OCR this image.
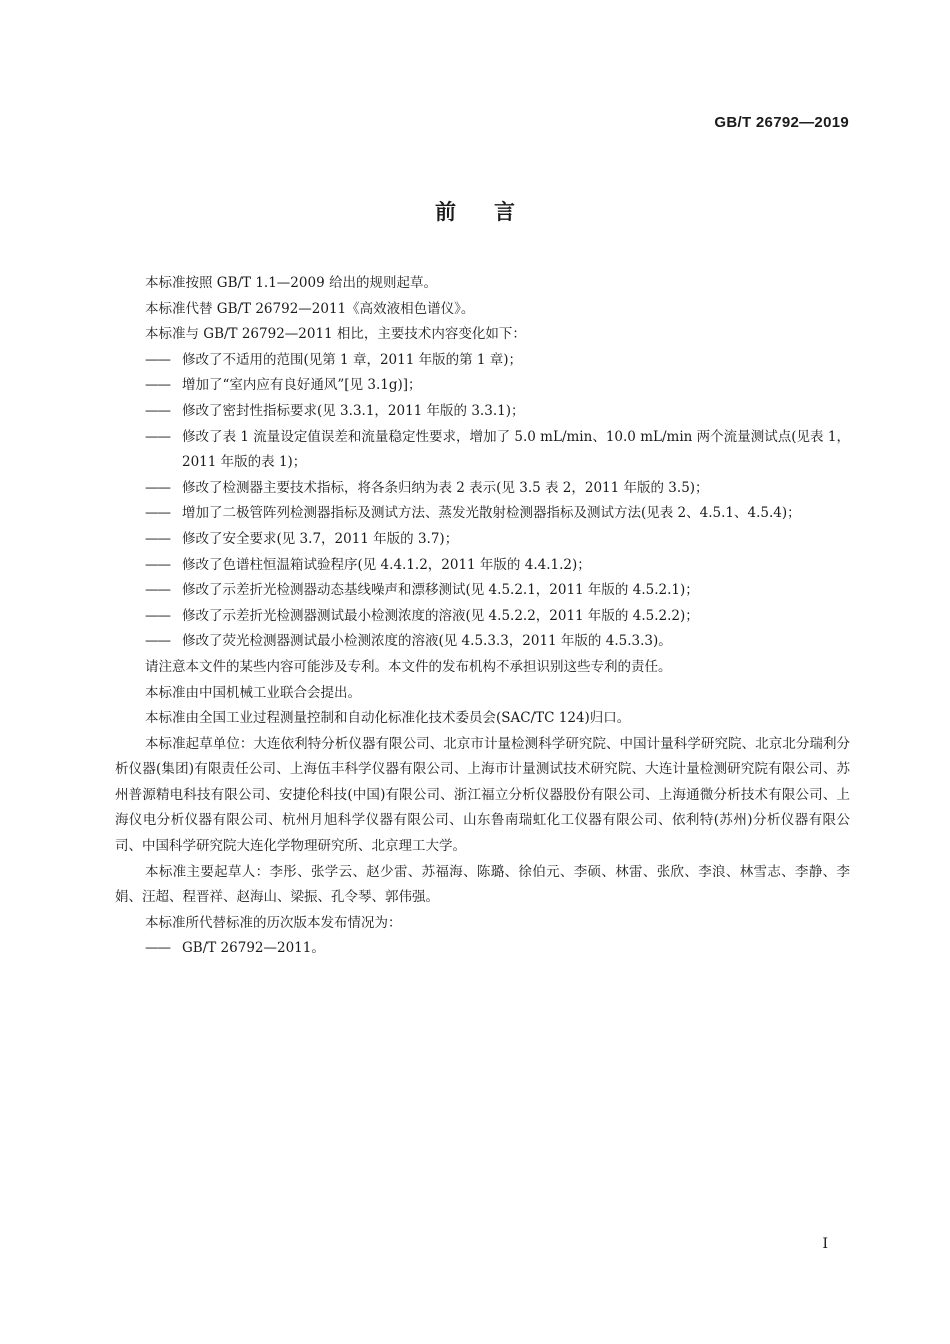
GB/T 26792—2019
前 言

本标准按照 GB/T 1.1—2009 给出的规则起草。

本标准代替 GB/T 26792—2011《高效液相色谱仪》。

本标准与 GB/T 26792—2011 相比，主要技术内容变化如下：

——修改了不适用的范围(见第 1 章，2011 年版的第 1 章)；
——增加了“室内应有良好通风”[见 3.1g)]；
——修改了密封性指标要求(见 3.3.1，2011 年版的 3.3.1)；
——修改了表 1 流量设定值误差和流量稳定性要求，增加了 5.0 mL/min、10.0 mL/min 两个流量测试点(见表 1，2011 年版的表 1)；
——修改了检测器主要技术指标，将各条归纳为表 2 表示(见 3.5 表 2，2011 年版的 3.5)；
——增加了二极管阵列检测器指标及测试方法、蒸发光散射检测器指标及测试方法(见表 2、4.5.1、4.5.4)；
——修改了安全要求(见 3.7，2011 年版的 3.7)；
——修改了色谱柱恒温箱试验程序(见 4.4.1.2，2011 年版的 4.4.1.2)；
——修改了示差折光检测器动态基线噪声和漂移测试(见 4.5.2.1，2011 年版的 4.5.2.1)；
——修改了示差折光检测器测试最小检测浓度的溶液(见 4.5.2.2，2011 年版的 4.5.2.2)；
——修改了荧光检测器测试最小检测浓度的溶液(见 4.5.3.3，2011 年版的 4.5.3.3)。

请注意本文件的某些内容可能涉及专利。本文件的发布机构不承担识别这些专利的责任。

本标准由中国机械工业联合会提出。

本标准由全国工业过程测量控制和自动化标准化技术委员会(SAC/TC 124)归口。

本标准起草单位：大连依利特分析仪器有限公司、北京市计量检测科学研究院、中国计量科学研究院、北京北分瑞利分析仪器(集团)有限责任公司、上海伍丰科学仪器有限公司、上海市计量测试技术研究院、大连计量检测研究院有限公司、苏州普源精电科技有限公司、安捷伦科技(中国)有限公司、浙江福立分析仪器股份有限公司、上海通微分析技术有限公司、上海仪电分析仪器有限公司、杭州月旭科学仪器有限公司、山东鲁南瑞虹化工仪器有限公司、依利特(苏州)分析仪器有限公司、中国科学研究院大连化学物理研究所、北京理工大学。

本标准主要起草人：李彤、张学云、赵少雷、苏福海、陈璐、徐伯元、李硕、林雷、张欣、李浪、林雪志、李静、李娟、汪超、程晋祥、赵海山、梁振、孔令琴、郭伟强。

本标准所代替标准的历次版本发布情况为：

——GB/T 26792—2011。
I
